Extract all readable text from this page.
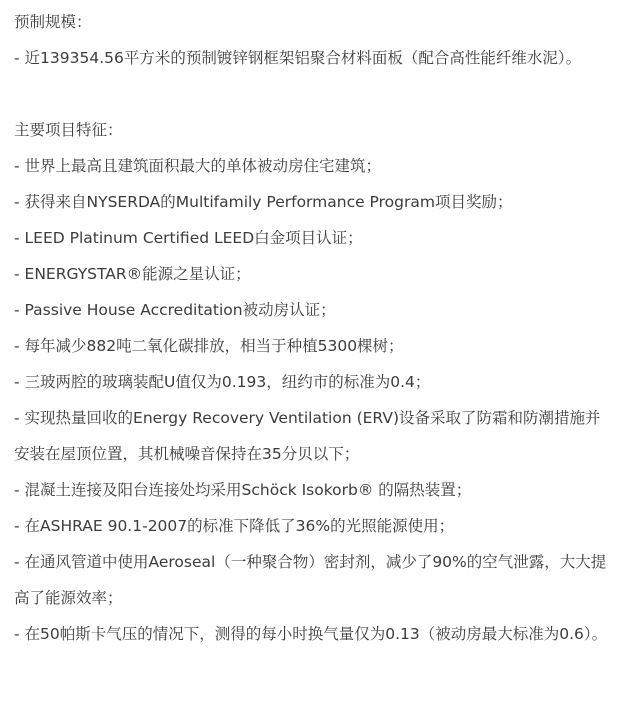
预制规模：

- 近139354.56平方米的预制镀锌钢框架铝聚合材料面板（配合高性能纤维水泥）。

主要项目特征：

- 世界上最高且建筑面积最大的单体被动房住宅建筑；

- 获得来自NYSERDA的Multifamily Performance Program项目奖励；

- LEED Platinum Certified LEED白金项目认证；

- ENERGYSTAR®能源之星认证；

- Passive House Accreditation被动房认证；

- 每年减少882吨二氧化碳排放，相当于种植5300棵树；

- 三玻两腔的玻璃装配U值仅为0.193，纽约市的标准为0.4；

- 实现热量回收的Energy Recovery Ventilation (ERV)设备采取了防霜和防潮措施并安装在屋顶位置，其机械噪音保持在35分贝以下；

- 混凝土连接及阳台连接处均采用Schöck Isokorb® 的隔热装置；

- 在ASHRAE 90.1-2007的标准下降低了36%的光照能源使用；

- 在通风管道中使用Aeroseal（一种聚合物）密封剂，减少了90%的空气泄露，大大提高了能源效率；

- 在50帕斯卡气压的情况下，测得的每小时换气量仅为0.13（被动房最大标准为0.6）。
